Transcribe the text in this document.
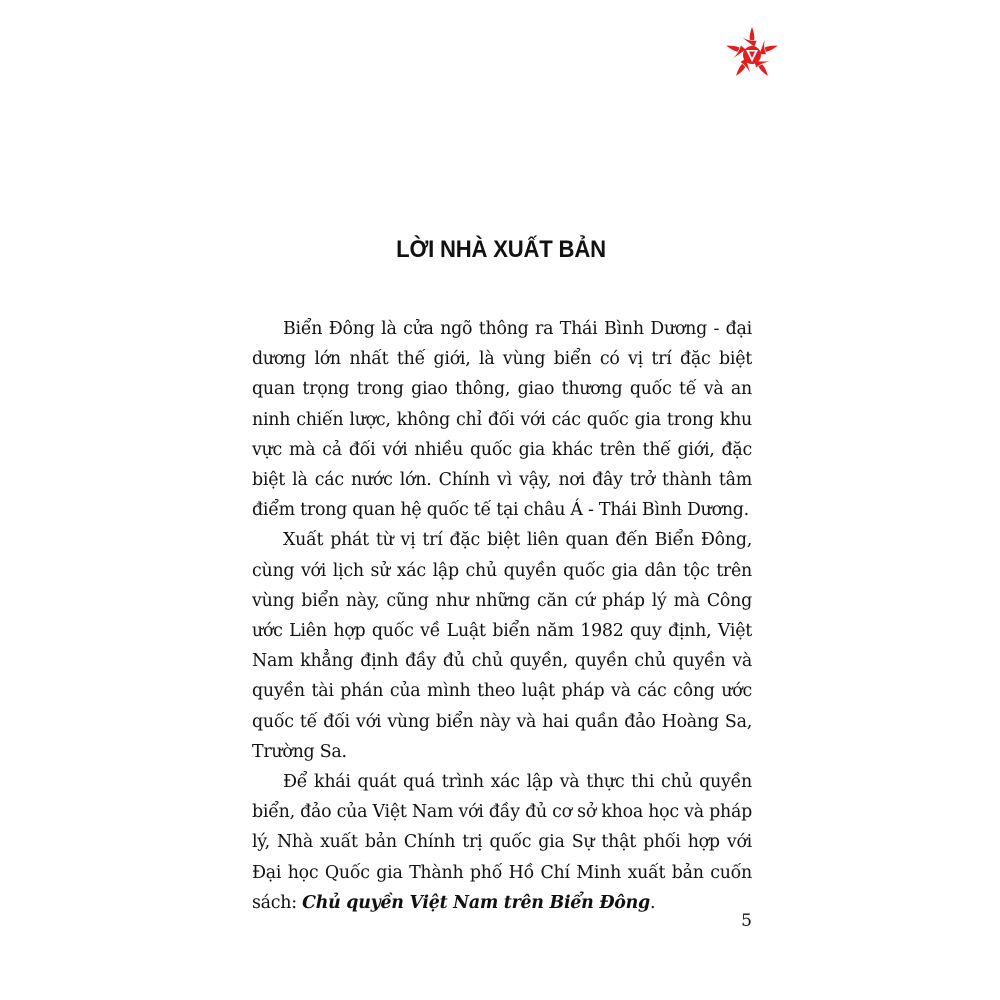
LỜI NHÀ XUẤT BẢN

Biển Đông là cửa ngõ thông ra Thái Bình Dương - đại dương lớn nhất thế giới, là vùng biển có vị trí đặc biệt quan trọng trong giao thông, giao thương quốc tế và an ninh chiến lược, không chỉ đối với các quốc gia trong khu vực mà cả đối với nhiều quốc gia khác trên thế giới, đặc biệt là các nước lớn. Chính vì vậy, nơi đây trở thành tâm điểm trong quan hệ quốc tế tại châu Á - Thái Bình Dương.

Xuất phát từ vị trí đặc biệt liên quan đến Biển Đông, cùng với lịch sử xác lập chủ quyền quốc gia dân tộc trên vùng biển này, cũng như những căn cứ pháp lý mà Công ước Liên hợp quốc về Luật biển năm 1982 quy định, Việt Nam khẳng định đầy đủ chủ quyền, quyền chủ quyền và quyền tài phán của mình theo luật pháp và các công ước quốc tế đối với vùng biển này và hai quần đảo Hoàng Sa, Trường Sa.

Để khái quát quá trình xác lập và thực thi chủ quyền biển, đảo của Việt Nam với đầy đủ cơ sở khoa học và pháp lý, Nhà xuất bản Chính trị quốc gia Sự thật phối hợp với Đại học Quốc gia Thành phố Hồ Chí Minh xuất bản cuốn sách: Chủ quyền Việt Nam trên Biển Đông.

5
